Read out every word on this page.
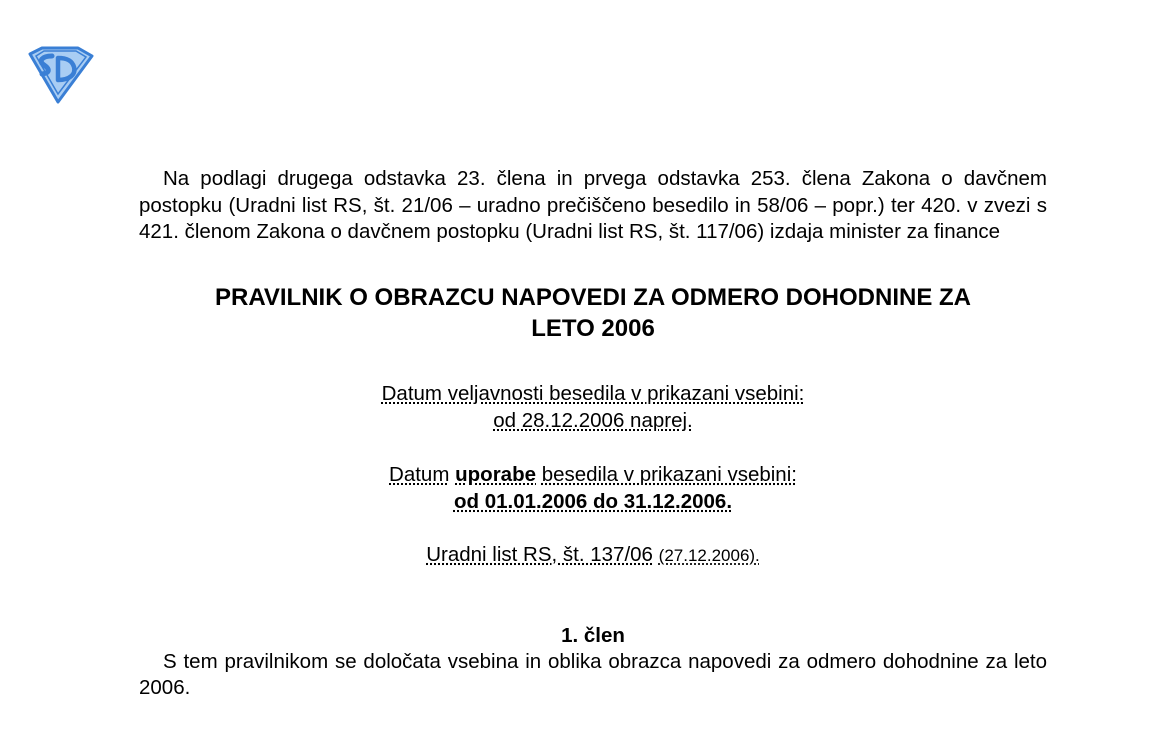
Na podlagi drugega odstavka 23. člena in prvega odstavka 253. člena Zakona o davčnem postopku (Uradni list RS, št. 21/06 – uradno prečiščeno besedilo in 58/06 – popr.) ter 420. v zvezi s 421. členom Zakona o davčnem postopku (Uradni list RS, št. 117/06) izdaja minister za finance

PRAVILNIK O OBRAZCU NAPOVEDI ZA ODMERO DOHODNINE ZA
LETO 2006
Datum veljavnosti besedila v prikazani vsebini:
od 28.12.2006 naprej.
Datum uporabe besedila v prikazani vsebini:
od 01.01.2006 do 31.12.2006.
Uradni list RS, št. 137/06 (27.12.2006).
1. člen

S tem pravilnikom se določata vsebina in oblika obrazca napovedi za odmero dohodnine za leto 2006.
